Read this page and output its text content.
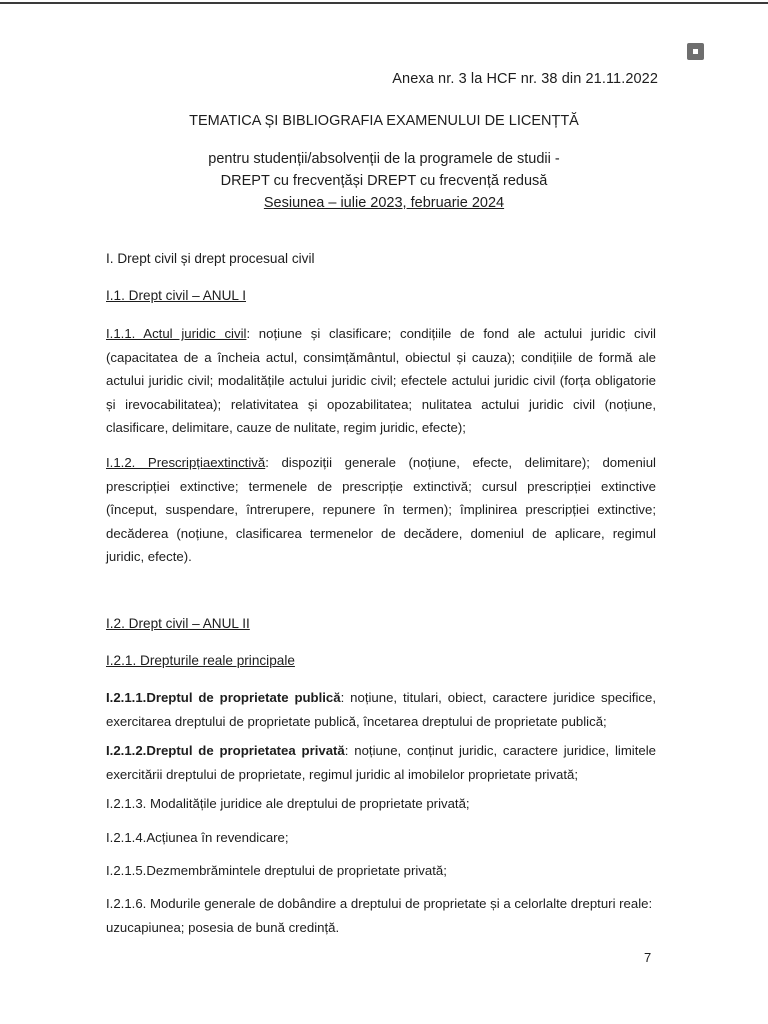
Anexa nr. 3 la HCF nr. 38 din 21.11.2022
TEMATICA ȘI BIBLIOGRAFIA EXAMENULUI DE LICENȚTĂ
pentru studenții/absolvenții de la programele de studii -
DREPT cu frecvențăși DREPT cu frecvență redusă
Sesiunea – iulie 2023, februarie 2024
I. Drept civil și drept procesual civil
I.1. Drept civil – ANUL I
I.1.1. Actul juridic civil: noțiune și clasificare; condițiile de fond ale actului juridic civil (capacitatea de a încheia actul, consimțământul, obiectul și cauza); condițiile de formă ale actului juridic civil; modalitățile actului juridic civil; efectele actului juridic civil (forța obligatorie și irevocabilitatea); relativitatea și opozabilitatea; nulitatea actului juridic civil (noțiune, clasificare, delimitare, cauze de nulitate, regim juridic, efecte);
I.1.2. Prescripțiaextinctivă: dispoziții generale (noțiune, efecte, delimitare); domeniul prescripției extinctive; termenele de prescripție extinctivă; cursul prescripției extinctive (început, suspendare, întrerupere, repunere în termen); împlinirea prescripției extinctive; decăderea (noțiune, clasificarea termenelor de decădere, domeniul de aplicare, regimul juridic, efecte).
I.2. Drept civil – ANUL II
I.2.1. Drepturile reale principale
I.2.1.1.Dreptul de proprietate publică: noțiune, titulari, obiect, caractere juridice specifice, exercitarea dreptului de proprietate publică, încetarea dreptului de proprietate publică;
I.2.1.2.Dreptul de proprietatea privată: noțiune, conținut juridic, caractere juridice, limitele exercitării dreptului de proprietate, regimul juridic al imobilelor proprietate privată;
I.2.1.3. Modalitățile juridice ale dreptului de proprietate privată;
I.2.1.4.Acțiunea în revendicare;
I.2.1.5.Dezmembrămintele dreptului de proprietate privată;
I.2.1.6. Modurile generale de dobândire a dreptului de proprietate și a celorlalte drepturi reale: uzucapiunea; posesia de bună credință.
7
